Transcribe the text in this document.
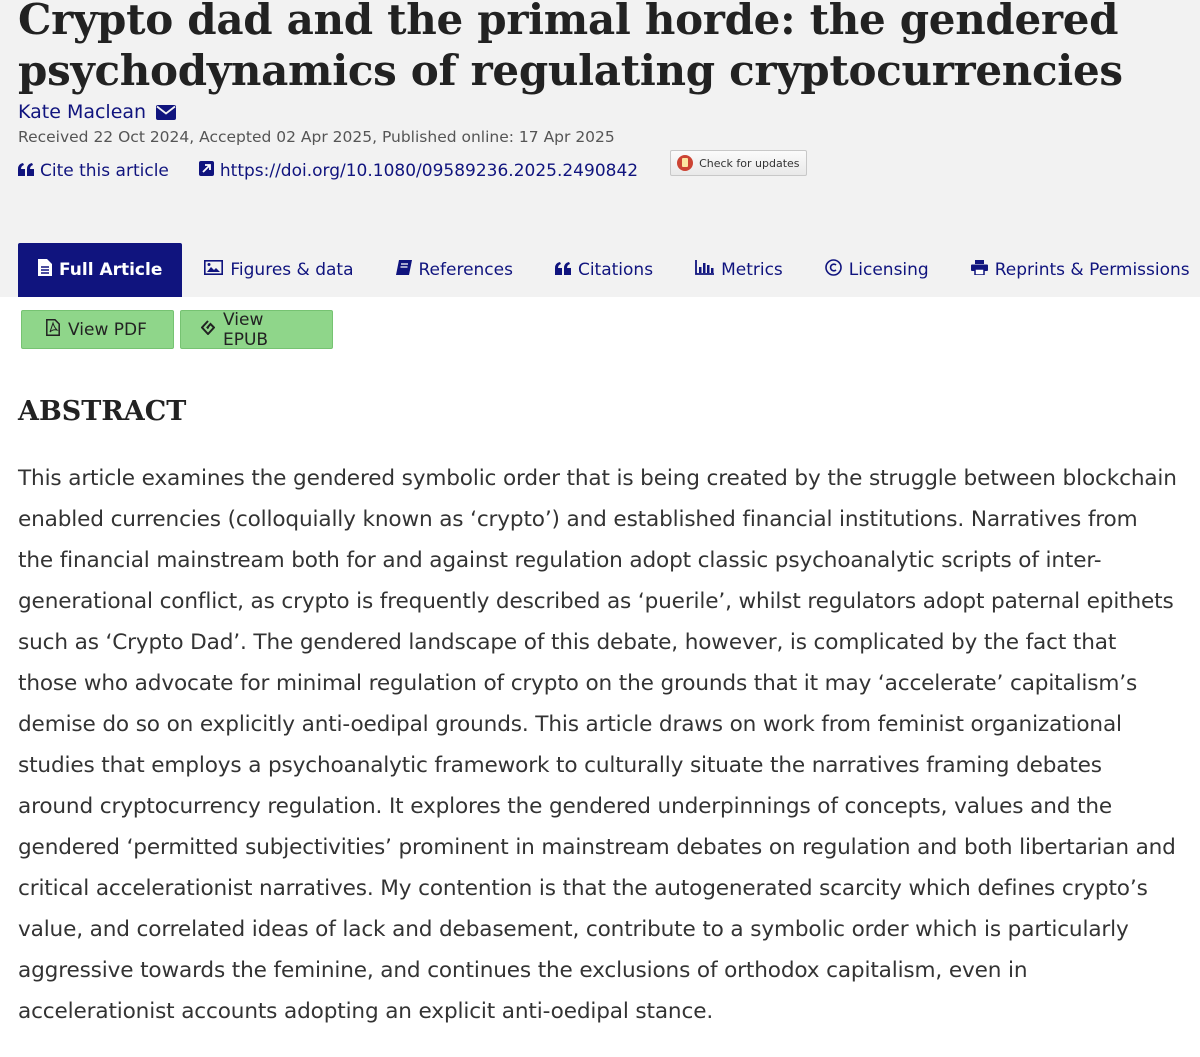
Crypto dad and the primal horde: the gendered psychodynamics of regulating cryptocurrencies
Kate Maclean
Received 22 Oct 2024, Accepted 02 Apr 2025, Published online: 17 Apr 2025
Cite this article	https://doi.org/10.1080/09589236.2025.2490842	Check for updates
Full Article	Figures & data	References	Citations	Metrics	Licensing	Reprints & Permissions
View PDF	View EPUB
ABSTRACT

This article examines the gendered symbolic order that is being created by the struggle between blockchain enabled currencies (colloquially known as ‘crypto’) and established financial institutions. Narratives from the financial mainstream both for and against regulation adopt classic psychoanalytic scripts of inter-generational conflict, as crypto is frequently described as ‘puerile’, whilst regulators adopt paternal epithets such as ‘Crypto Dad’. The gendered landscape of this debate, however, is complicated by the fact that those who advocate for minimal regulation of crypto on the grounds that it may ‘accelerate’ capitalism’s demise do so on explicitly anti-oedipal grounds. This article draws on work from feminist organizational studies that employs a psychoanalytic framework to culturally situate the narratives framing debates around cryptocurrency regulation. It explores the gendered underpinnings of concepts, values and the gendered ‘permitted subjectivities’ prominent in mainstream debates on regulation and both libertarian and critical accelerationist narratives. My contention is that the autogenerated scarcity which defines crypto’s value, and correlated ideas of lack and debasement, contribute to a symbolic order which is particularly aggressive towards the feminine, and continues the exclusions of orthodox capitalism, even in accelerationist accounts adopting an explicit anti-oedipal stance.
